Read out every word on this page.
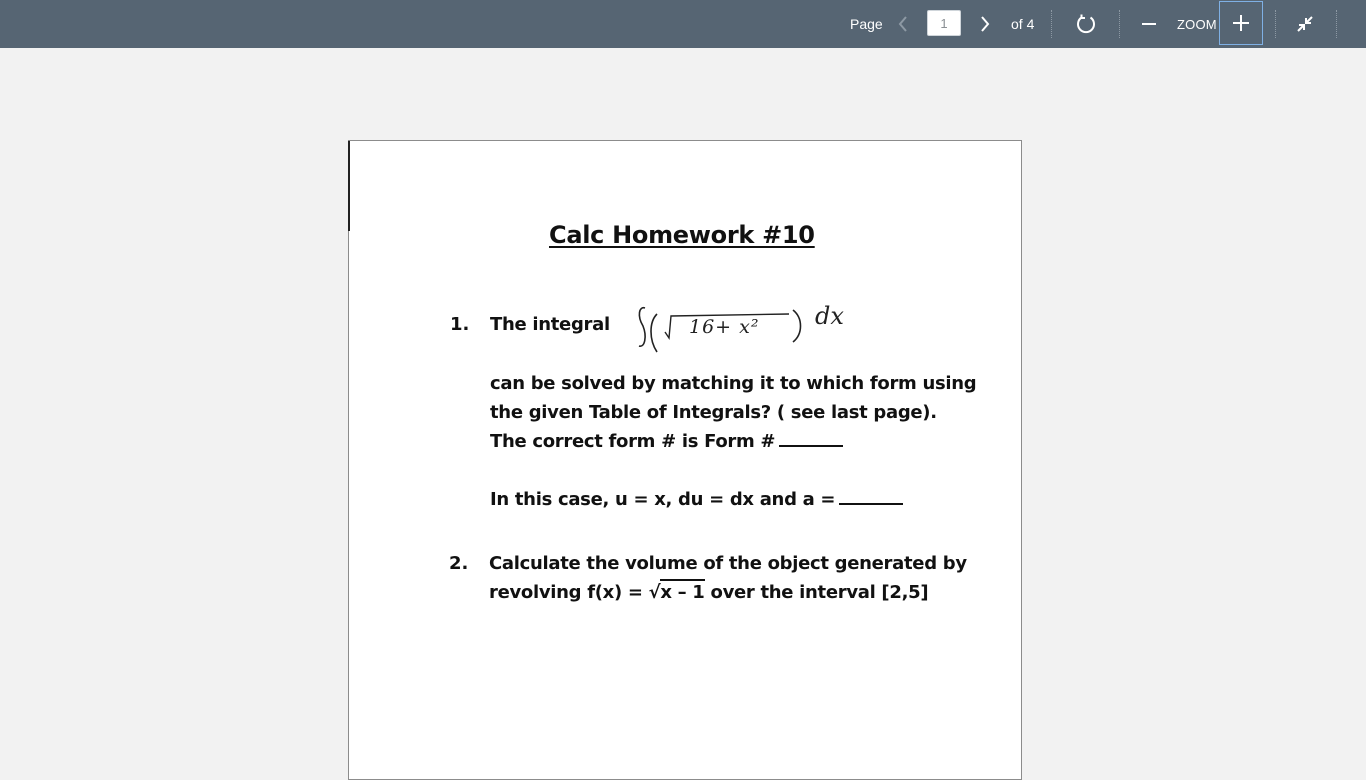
Page
1	of 4	ZOOM
Calc Homework #10
1. The integral	16+ x² dx
can be solved by matching it to which form using
the given Table of Integrals? ( see last page).
The correct form # is Form #
In this case, u = x, du = dx and a =
2. Calculate the volume of the object generated by
revolving f(x) = √x – 1 over the interval [2,5]
